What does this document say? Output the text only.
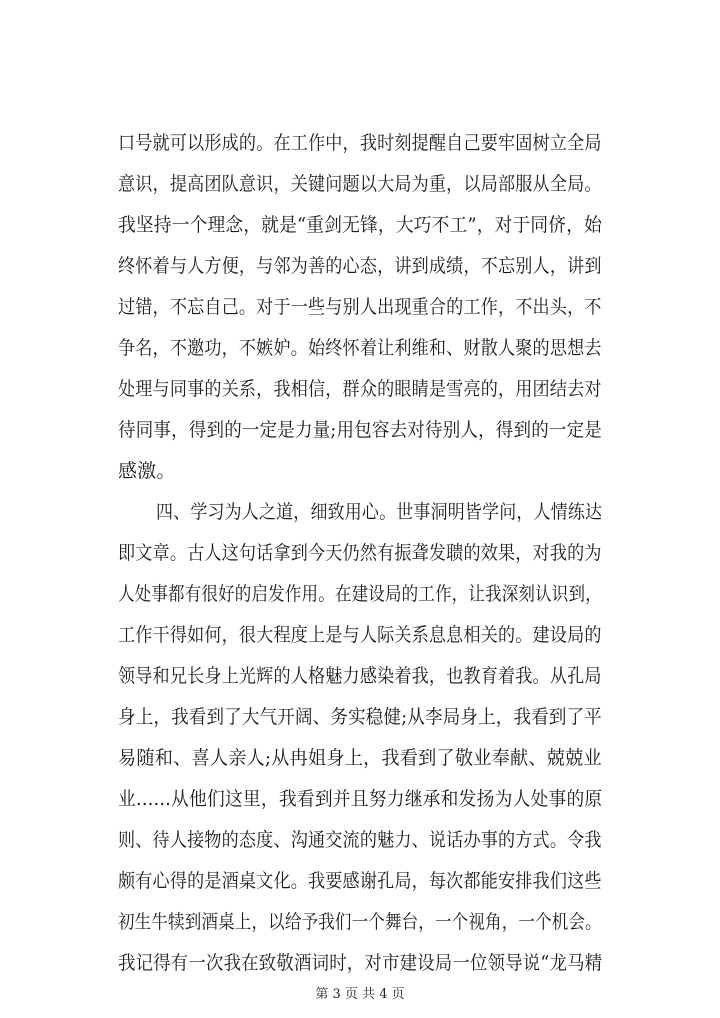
口号就可以形成的。在工作中，我时刻提醒自己要牢固树立全局
意识，提高团队意识，关键问题以大局为重，以局部服从全局。
我坚持一个理念，就是“重剑无锋，大巧不工”，对于同侪，始
终怀着与人方便，与邻为善的心态，讲到成绩，不忘别人，讲到
过错，不忘自己。对于一些与别人出现重合的工作，不出头，不
争名，不邀功，不嫉妒。始终怀着让利维和、财散人聚的思想去
处理与同事的关系，我相信，群众的眼睛是雪亮的，用团结去对
待同事，得到的一定是力量;用包容去对待别人，得到的一定是
感激。
四、学习为人之道，细致用心。世事洞明皆学问，人情练达
即文章。古人这句话拿到今天仍然有振聋发聩的效果，对我的为
人处事都有很好的启发作用。在建设局的工作，让我深刻认识到，
工作干得如何，很大程度上是与人际关系息息相关的。建设局的
领导和兄长身上光辉的人格魅力感染着我，也教育着我。从孔局
身上，我看到了大气开阔、务实稳健;从李局身上，我看到了平
易随和、喜人亲人;从冉姐身上，我看到了敬业奉献、兢兢业
业......从他们这里，我看到并且努力继承和发扬为人处事的原
则、待人接物的态度、沟通交流的魅力、说话办事的方式。令我
颇有心得的是酒桌文化。我要感谢孔局，每次都能安排我们这些
初生牛犊到酒桌上，以给予我们一个舞台，一个视角，一个机会。
我记得有一次我在致敬酒词时，对市建设局一位领导说“龙马精
第 3 页 共 4 页
